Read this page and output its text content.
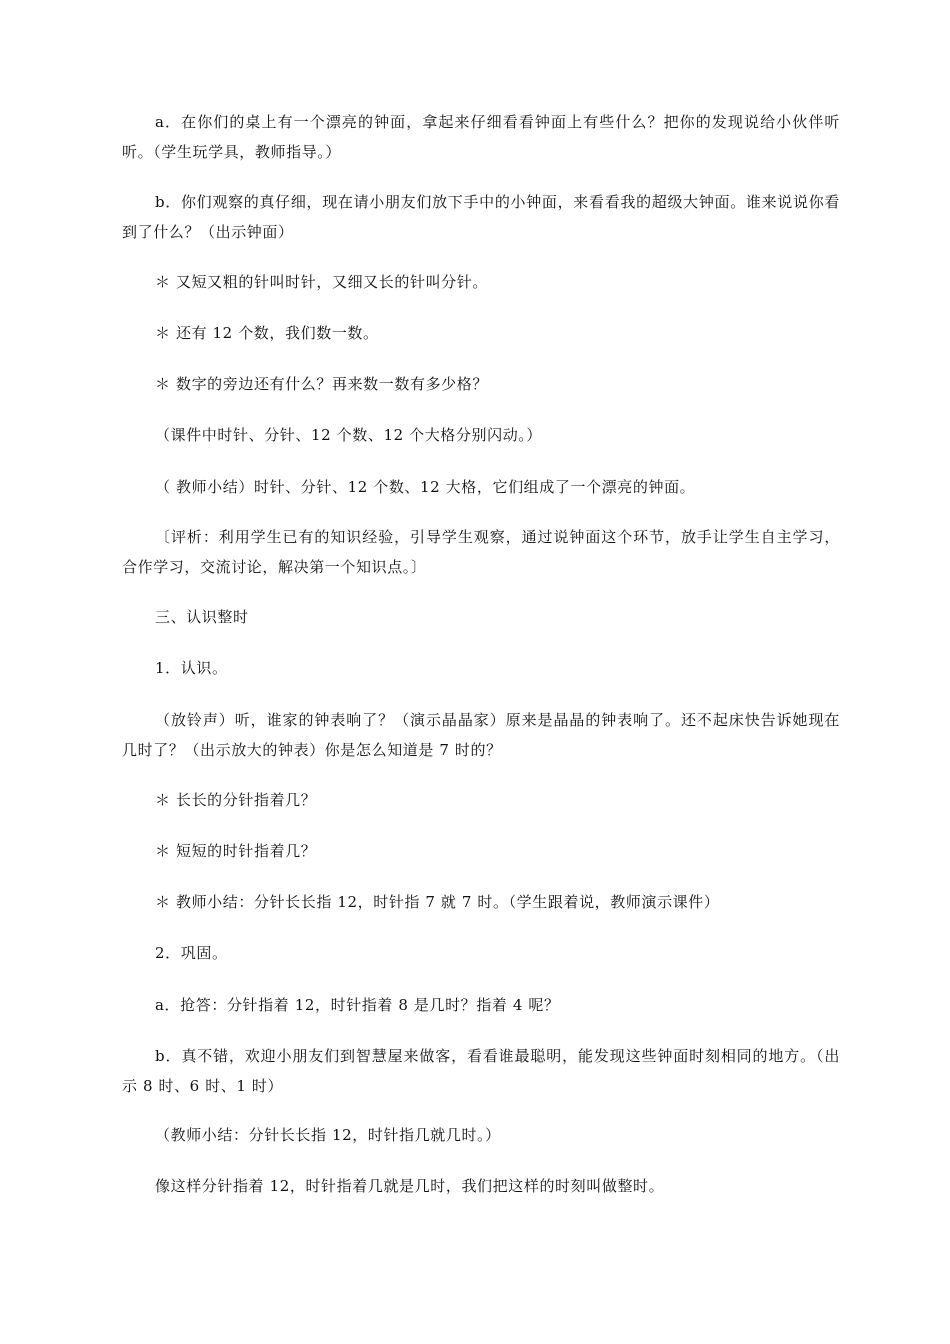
a．在你们的桌上有一个漂亮的钟面，拿起来仔细看看钟面上有些什么？把你的发现说给小伙伴听听。（学生玩学具，教师指导。）

b．你们观察的真仔细，现在请小朋友们放下手中的小钟面，来看看我的超级大钟面。谁来说说你看到了什么？（出示钟面）

＊ 又短又粗的针叫时针，又细又长的针叫分针。

＊ 还有 12 个数，我们数一数。

＊ 数字的旁边还有什么？再来数一数有多少格？

（课件中时针、分针、12 个数、12 个大格分别闪动。）

（ 教师小结）时针、分针、12 个数、12 大格，它们组成了一个漂亮的钟面。

〔评析：利用学生已有的知识经验，引导学生观察，通过说钟面这个环节，放手让学生自主学习，合作学习，交流讨论，解决第一个知识点。〕

三、认识整时

1．认识。

（放铃声）听，谁家的钟表响了？（演示晶晶家）原来是晶晶的钟表响了。还不起床快告诉她现在几时了？（出示放大的钟表）你是怎么知道是 7 时的？

＊ 长长的分针指着几？

＊ 短短的时针指着几？

＊ 教师小结：分针长长指 12，时针指 7 就 7 时。（学生跟着说，教师演示课件）

2．巩固。

a．抢答：分针指着 12，时针指着 8 是几时？指着 4 呢？

b．真不错，欢迎小朋友们到智慧屋来做客，看看谁最聪明，能发现这些钟面时刻相同的地方。（出示 8 时、6 时、1 时）

（教师小结：分针长长指 12，时针指几就几时。）

像这样分针指着 12，时针指着几就是几时，我们把这样的时刻叫做整时。
